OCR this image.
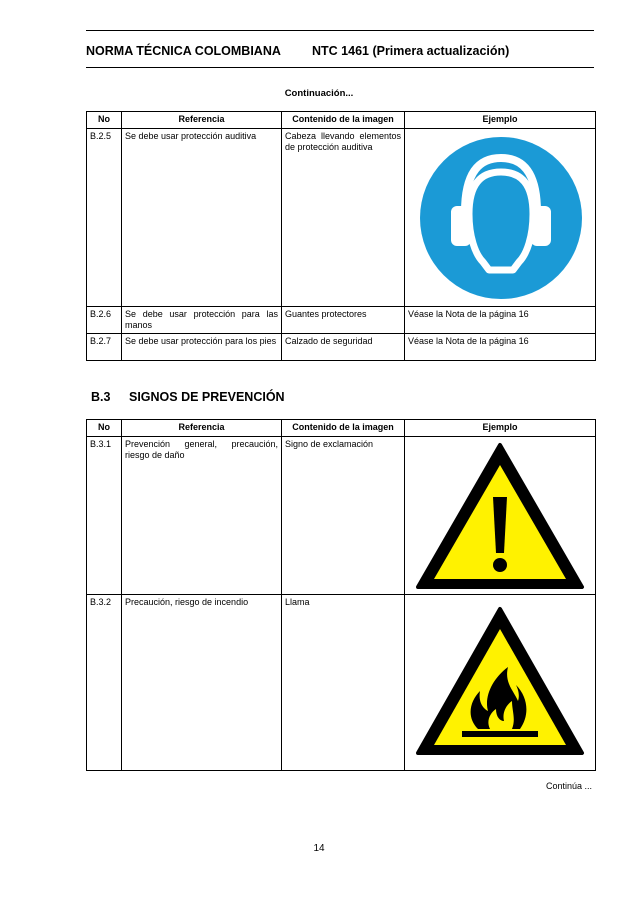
NORMA TÉCNICA COLOMBIANA NTC 1461 (Primera actualización)
Continuación...
No	Referencia	Contenido de la imagen	Ejemplo
B.2.5	Se debe usar protección auditiva	Cabeza llevando elementos de protección auditiva	

B.2.6	Se debe usar protección para las manos	Guantes protectores	Véase la Nota de la página 16
B.2.7	Se debe usar protección para los pies	Calzado de seguridad	Véase la Nota de la página 16
B.3 SIGNOS DE PREVENCIÓN
No	Referencia	Contenido de la imagen	Ejemplo
B.3.1	Prevención general, precaución, riesgo de daño	Signo de exclamación	

B.3.2	Precaución, riesgo de incendio	Llama	
Continúa ...
14
